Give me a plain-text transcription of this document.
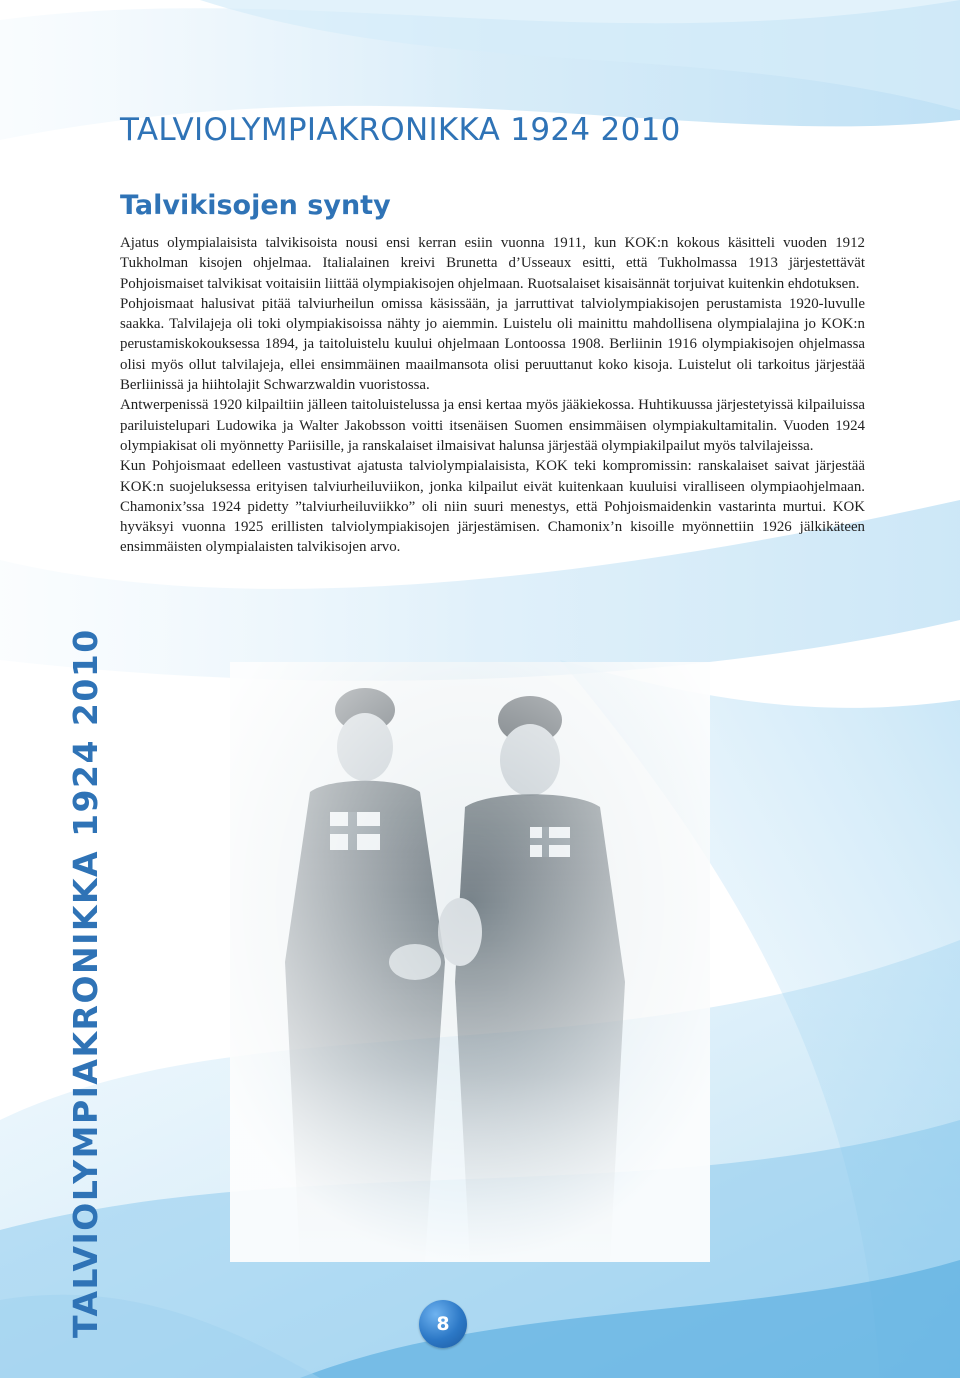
TALVIOLYMPIAKRONIKKA 1924 2010
Talvikisojen synty

Ajatus olympialaisista talvikisoista nousi ensi kerran esiin vuonna 1911, kun KOK:n kokous käsitteli vuoden 1912 Tukholman kisojen ohjelmaa. Italialainen kreivi Brunetta d’Usseaux esitti, että Tukholmassa 1913 järjestettävät Pohjoismaiset talvikisat voitaisiin liittää olympiakisojen ohjelmaan. Ruotsalaiset kisaisännät torjuivat kuitenkin ehdotuksen.

Pohjoismaat halusivat pitää talviurheilun omissa käsissään, ja jarruttivat talviolympiakisojen perustamista 1920-luvulle saakka. Talvilajeja oli toki olympiakisoissa nähty jo aiemmin. Luistelu oli mainittu mahdollisena olympialajina jo KOK:n perustamiskokouksessa 1894, ja taitoluistelu kuului ohjelmaan Lontoossa 1908. Berliinin 1916 olympiakisojen ohjelmassa olisi myös ollut talvilajeja, ellei ensimmäinen maailmansota olisi peruuttanut koko kisoja. Luistelut oli tarkoitus järjestää Berliinissä ja hiihtolajit Schwarzwaldin vuoristossa.

Antwerpenissä 1920 kilpailtiin jälleen taitoluistelussa ja ensi kertaa myös jääkiekossa. Huhtikuussa järjestetyissä kilpailuissa pariluistelupari Ludowika ja Walter Jakobsson voitti itsenäisen Suomen ensimmäisen olympiakultamitalin. Vuoden 1924 olympiakisat oli myönnetty Pariisille, ja ranskalaiset ilmaisivat halunsa järjestää olympiakilpailut myös talvilajeissa.

Kun Pohjoismaat edelleen vastustivat ajatusta talviolympialaisista, KOK teki kompromissin: ranskalaiset saivat järjestää KOK:n suojeluksessa erityisen talviurheiluviikon, jonka kilpailut eivät kuitenkaan kuuluisi viralliseen olympiaohjelmaan. Chamonix’ssa 1924 pidetty ”talviurheiluviikko” oli niin suuri menestys, että Pohjoismaidenkin vastarinta murtui. KOK hyväksyi vuonna 1925 erillisten talviolympiakisojen järjestämisen. Chamonix’n kisoille myönnettiin 1926 jälkikäteen ensimmäisten olympialaisten talvikisojen arvo.

TALVIOLYMPIAKRONIKKA 1924 2010	8
